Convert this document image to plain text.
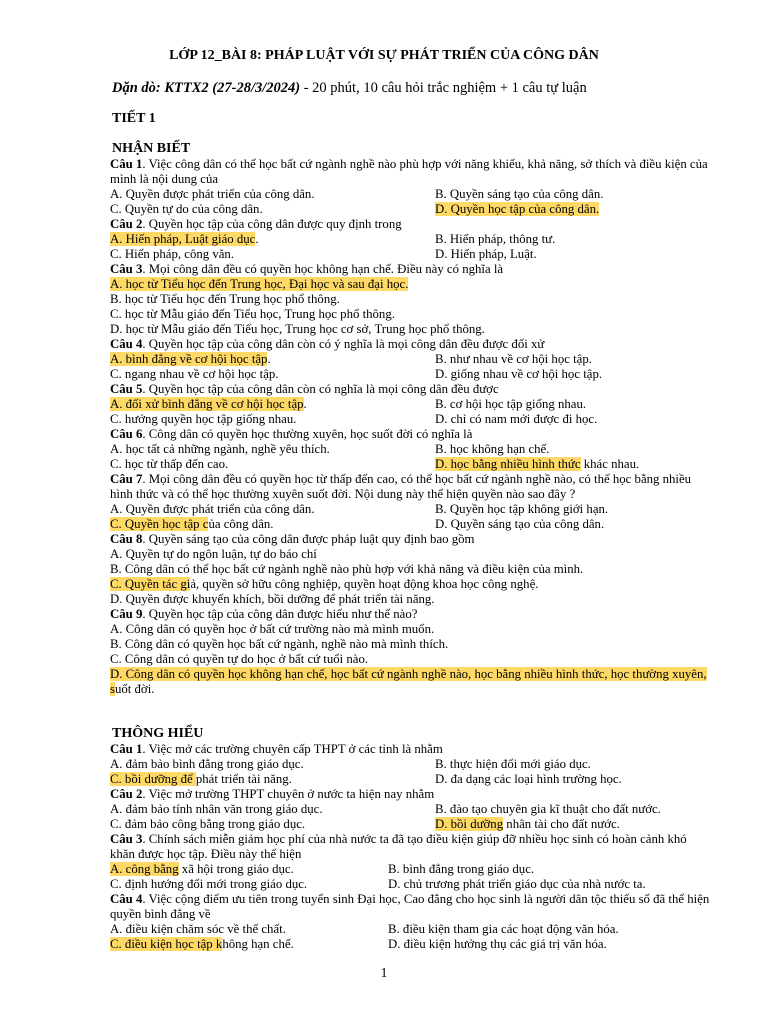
LỚP 12_BÀI 8: PHÁP LUẬT VỚI SỰ PHÁT TRIỂN CỦA CÔNG DÂN
Dặn dò: KTTX2 (27-28/3/2024) - 20 phút, 10 câu hỏi trắc nghiệm + 1 câu tự luận
TIẾT 1
NHẬN BIẾT
Câu 1. Việc công dân có thể học bất cứ ngành nghề nào phù hợp với năng khiếu, khả năng, sở thích và điều kiện của mình là nội dung của
A. Quyền được phát triển của công dân.	B. Quyền sáng tạo của công dân.
C. Quyền tự do của công dân.	D. Quyền học tập của công dân.
Câu 2. Quyền học tập của công dân được quy định trong
A. Hiến pháp, Luật giáo dục.	B. Hiến pháp, thông tư.
C. Hiến pháp, công văn.	D. Hiến pháp, Luật.
Câu 3. Mọi công dân đều có quyền học không hạn chế. Điều này có nghĩa là
A. học từ Tiểu học đến Trung học, Đại học và sau đại học.
B. học từ Tiểu học đến Trung học phổ thông.
C. học từ Mẫu giáo đến Tiểu học, Trung học phổ thông.
D. học từ Mẫu giáo đến Tiểu học, Trung học cơ sở, Trung học phổ thông.
Câu 4. Quyền học tập của công dân còn có ý nghĩa là mọi công dân đều được đối xử
A. bình đẳng về cơ hội học tập.	B. như nhau về cơ hội học tập.
C. ngang nhau về cơ hội học tập.	D. giống nhau về cơ hội học tập.
Câu 5. Quyền học tập của công dân còn có nghĩa là mọi công dân đều được
A. đối xử bình đẳng về cơ hội học tập.	B. cơ hội học tập giống nhau.
C. hướng quyền học tập giống nhau.	D. chỉ có nam mới được đi học.
Câu 6. Công dân có quyền học thường xuyên, học suốt đời có nghĩa là
A. học tất cả những ngành, nghề yêu thích.	B. học không hạn chế.
C. học từ thấp đến cao.	D. học bằng nhiều hình thức khác nhau.
Câu 7. Mọi công dân đều có quyền học từ thấp đến cao, có thể học bất cứ ngành nghề nào, có thể học bằng nhiều hình thức và có thể học thường xuyên suốt đời. Nội dung này thể hiện quyền nào sao đây ?
A. Quyền được phát triển của công dân.	B. Quyền học tập không giới hạn.
C. Quyền học tập của công dân.	D. Quyền sáng tạo của công dân.
Câu 8. Quyền sáng tạo của công dân được pháp luật quy định bao gồm
A. Quyền tự do ngôn luận, tự do báo chí
B. Công dân có thể học bất cứ ngành nghề nào phù hợp với khả năng và điều kiện của mình.
C. Quyền tác giả, quyền sở hữu công nghiệp, quyền hoạt động khoa học công nghệ.
D. Quyền được khuyến khích, bồi dưỡng để phát triển tài năng.
Câu 9. Quyền học tập của công dân được hiểu như thế nào?
A. Công dân có quyền học ở bất cứ trường nào mà mình muốn.
B. Công dân có quyền học bất cứ ngành, nghề nào mà mình thích.
C. Công dân có quyền tự do học ở bất cứ tuổi nào.
D. Công dân có quyền học không hạn chế, học bất cứ ngành nghề nào, học bằng nhiều hình thức, học thường xuyên, suốt đời.
THÔNG HIỂU
Câu 1. Việc mở các trường chuyên cấp THPT ở các tỉnh là nhằm
A. đảm bảo bình đẳng trong giáo dục.	B. thực hiện đổi mới giáo dục.
C. bồi dưỡng để phát triển tài năng.	D. đa dạng các loại hình trường học.
Câu 2. Việc mở trường THPT chuyên ở nước ta hiện nay nhằm
A. đảm bảo tính nhân văn trong giáo dục.	B. đào tạo chuyên gia kĩ thuật cho đất nước.
C. đảm bảo công bằng trong giáo dục.	D. bồi dưỡng nhân tài cho đất nước.
Câu 3. Chính sách miễn giảm học phí của nhà nước ta đã tạo điều kiện giúp đỡ nhiều học sinh có hoàn cảnh khó khăn được học tập. Điều này thể hiện
A. công bằng xã hội trong giáo dục.	B. bình đẳng trong giáo dục.
C. định hướng đổi mới trong giáo dục.	D. chủ trương phát triển giáo dục của nhà nước ta.
Câu 4. Việc cộng điểm ưu tiên trong tuyển sinh Đại học, Cao đẳng cho học sinh là người dân tộc thiểu số đã thể hiện quyền bình đẳng về
A. điều kiện chăm sóc về thể chất.	B. điều kiện tham gia các hoạt động văn hóa.
C. điều kiện học tập không hạn chế.	D. điều kiện hưởng thụ các giá trị văn hóa.
1
